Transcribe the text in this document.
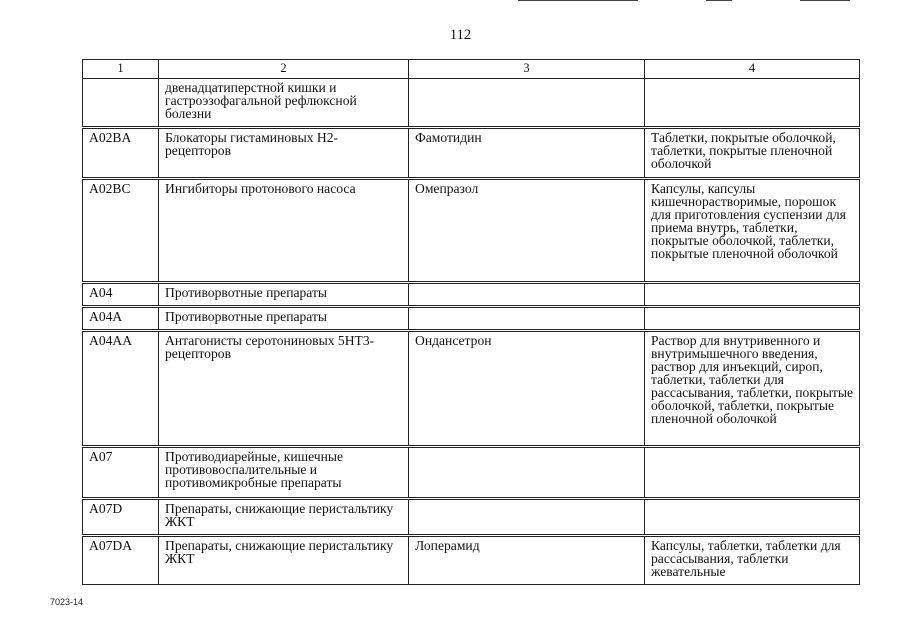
112
1	2	3	4
	двенадцатиперстной кишки и гастроэзофагальной рефлюксной болезни		
A02BA	Блокаторы гистаминовых Н2-рецепторов	Фамотидин	Таблетки, покрытые оболочкой, таблетки, покрытые пленочной оболочкой
A02BC	Ингибиторы протонового насоса	Омепразол	Капсулы, капсулы кишечнорастворимые, порошок для приготовления суспензии для приема внутрь, таблетки, покрытые оболочкой, таблетки, покрытые пленочной оболочкой
A04	Противорвотные препараты		
A04A	Противорвотные препараты		
A04AA	Антагонисты серотониновых 5НТ3-рецепторов	Ондансетрон	Раствор для внутривенного и внутримышечного введения, раствор для инъекций, сироп, таблетки, таблетки для рассасывания, таблетки, покрытые оболочкой, таблетки, покрытые пленочной оболочкой
A07	Противодиарейные, кишечные противовоспалительные и противомикробные препараты		
A07D	Препараты, снижающие перистальтику ЖКТ		
A07DA	Препараты, снижающие перистальтику ЖКТ	Лоперамид	Капсулы, таблетки, таблетки для рассасывания, таблетки жевательные
7023-14
